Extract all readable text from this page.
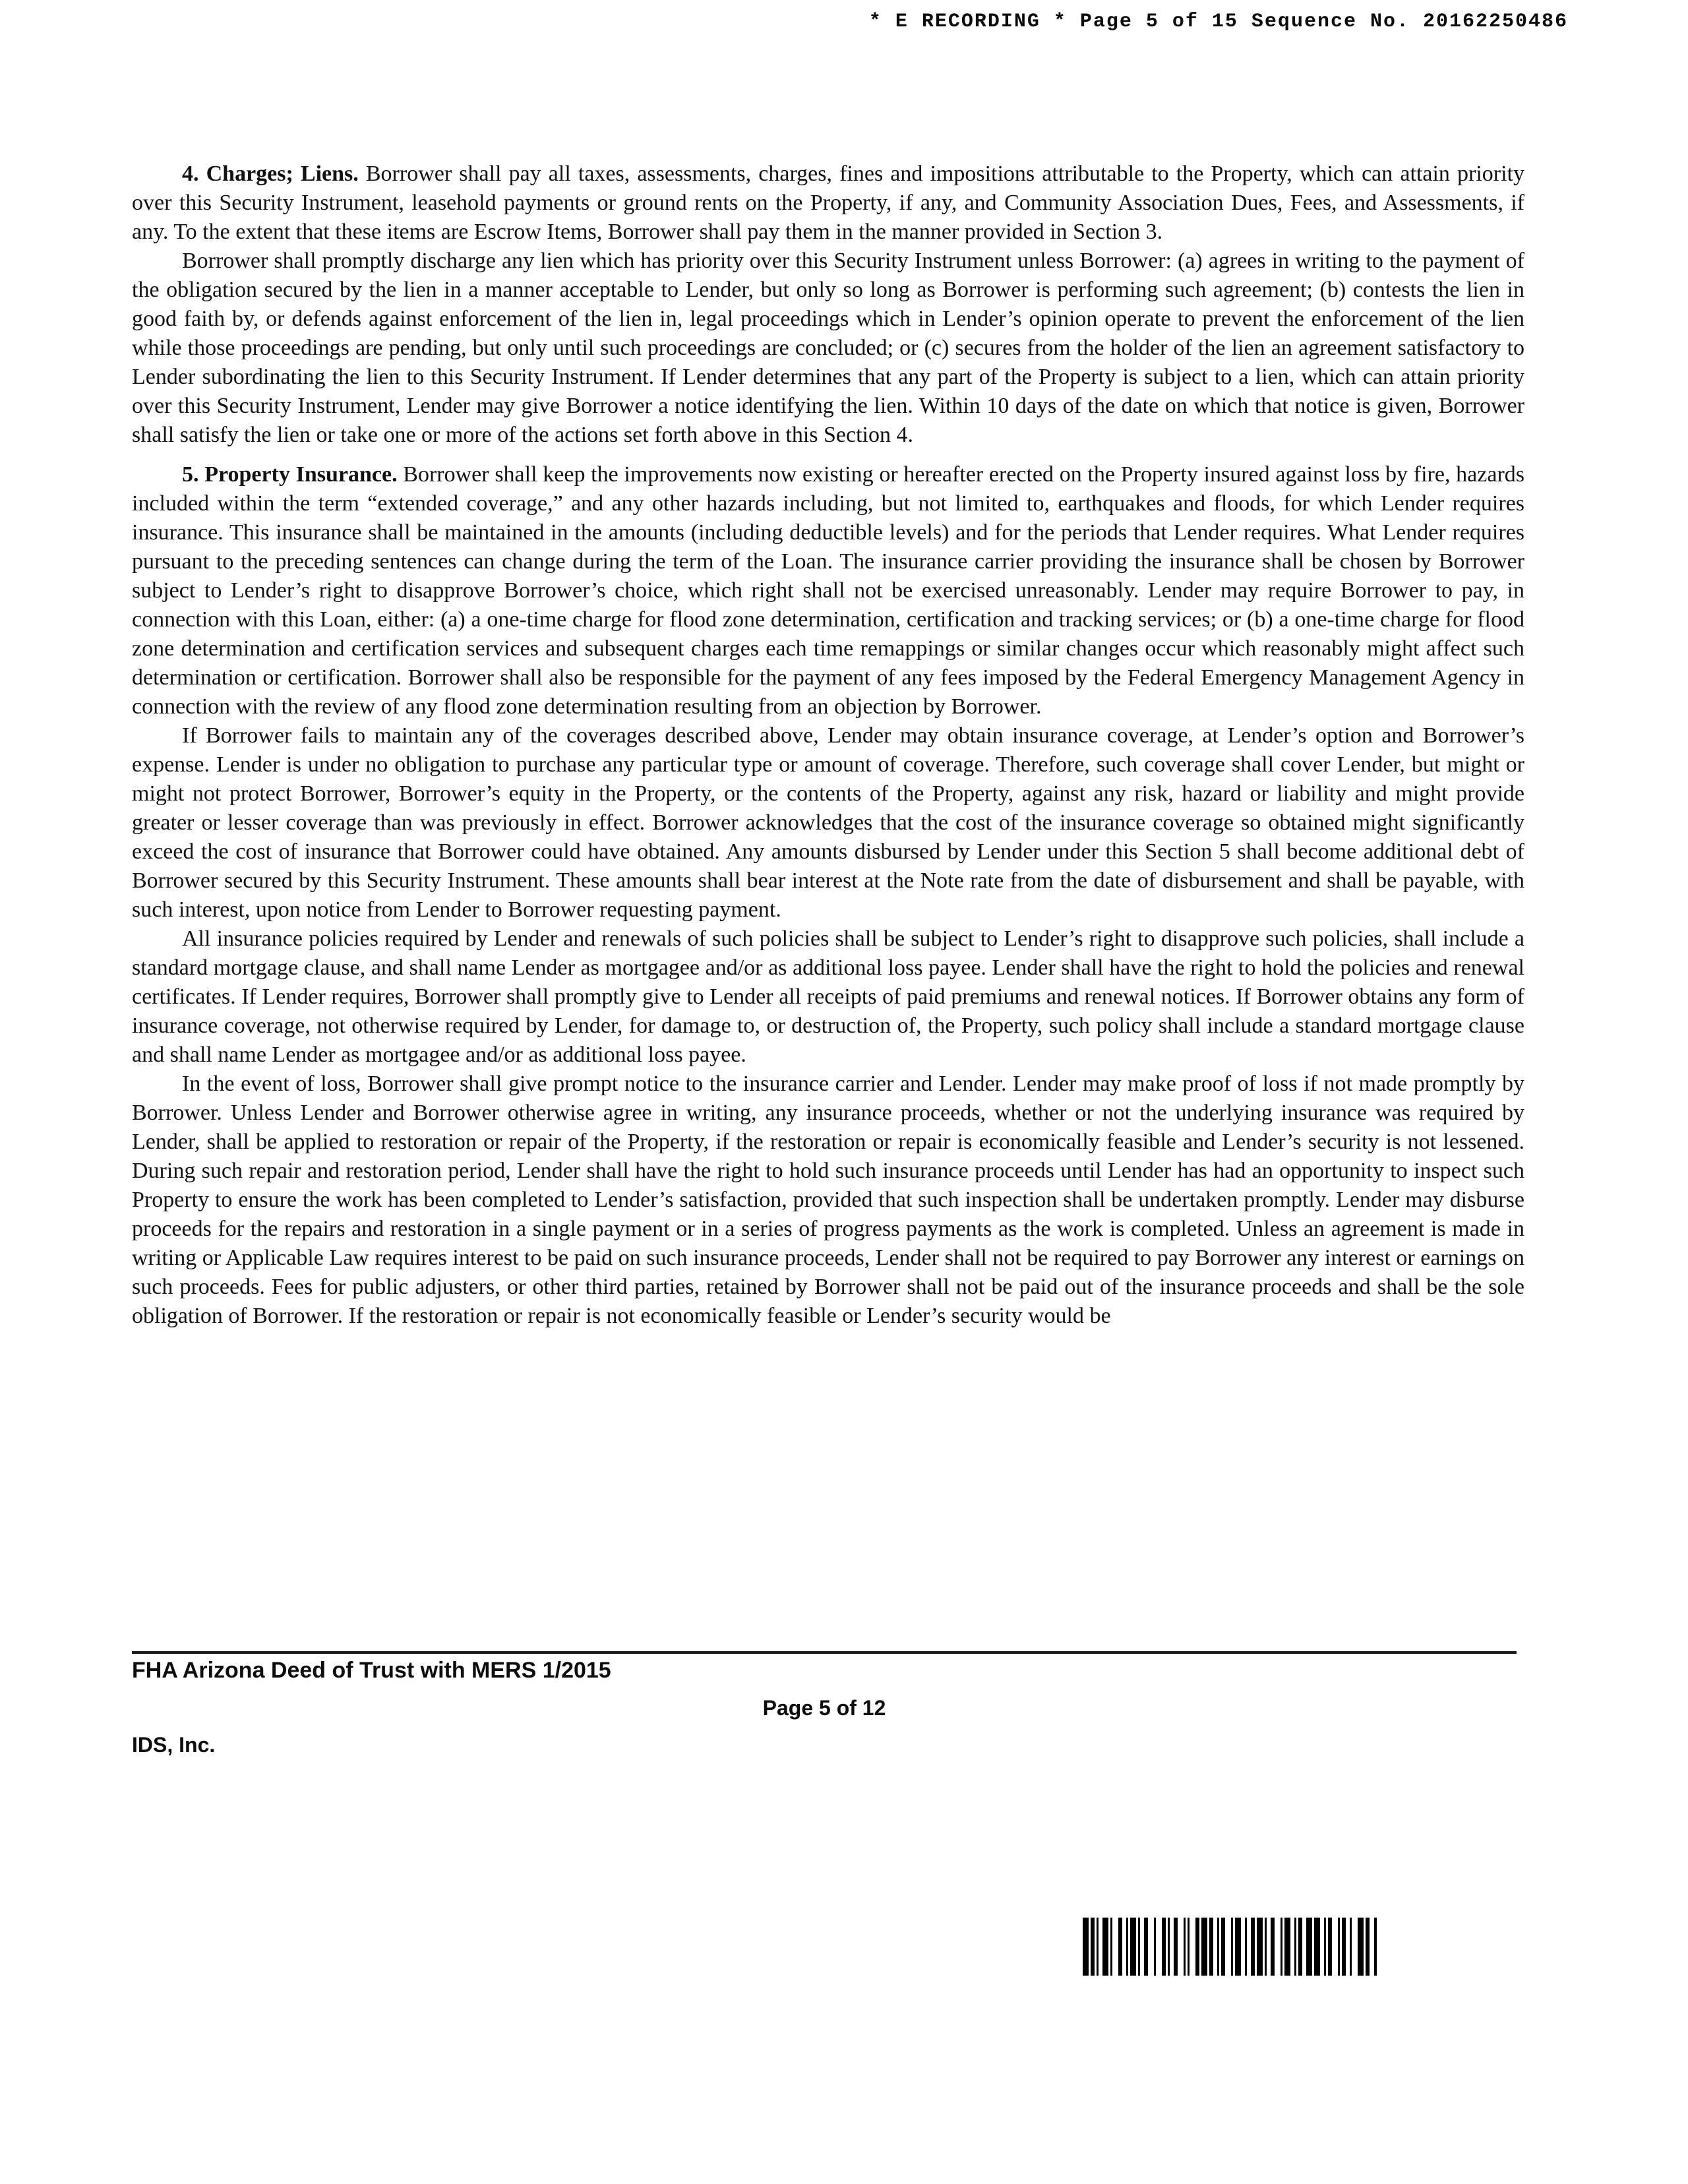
* E RECORDING * Page 5 of 15 Sequence No. 20162250486

4. Charges; Liens. Borrower shall pay all taxes, assessments, charges, fines and impositions attributable to the Property, which can attain priority over this Security Instrument, leasehold payments or ground rents on the Property, if any, and Community Association Dues, Fees, and Assessments, if any. To the extent that these items are Escrow Items, Borrower shall pay them in the manner provided in Section 3.

Borrower shall promptly discharge any lien which has priority over this Security Instrument unless Borrower: (a) agrees in writing to the payment of the obligation secured by the lien in a manner acceptable to Lender, but only so long as Borrower is performing such agreement; (b) contests the lien in good faith by, or defends against enforcement of the lien in, legal proceedings which in Lender’s opinion operate to prevent the enforcement of the lien while those proceedings are pending, but only until such proceedings are concluded; or (c) secures from the holder of the lien an agreement satisfactory to Lender subordinating the lien to this Security Instrument. If Lender determines that any part of the Property is subject to a lien, which can attain priority over this Security Instrument, Lender may give Borrower a notice identifying the lien. Within 10 days of the date on which that notice is given, Borrower shall satisfy the lien or take one or more of the actions set forth above in this Section 4.

5. Property Insurance. Borrower shall keep the improvements now existing or hereafter erected on the Property insured against loss by fire, hazards included within the term “extended coverage,” and any other hazards including, but not limited to, earthquakes and floods, for which Lender requires insurance. This insurance shall be maintained in the amounts (including deductible levels) and for the periods that Lender requires. What Lender requires pursuant to the preceding sentences can change during the term of the Loan. The insurance carrier providing the insurance shall be chosen by Borrower subject to Lender’s right to disapprove Borrower’s choice, which right shall not be exercised unreasonably. Lender may require Borrower to pay, in connection with this Loan, either: (a) a one-time charge for flood zone determination, certification and tracking services; or (b) a one-time charge for flood zone determination and certification services and subsequent charges each time remappings or similar changes occur which reasonably might affect such determination or certification. Borrower shall also be responsible for the payment of any fees imposed by the Federal Emergency Management Agency in connection with the review of any flood zone determination resulting from an objection by Borrower.

If Borrower fails to maintain any of the coverages described above, Lender may obtain insurance coverage, at Lender’s option and Borrower’s expense. Lender is under no obligation to purchase any particular type or amount of coverage. Therefore, such coverage shall cover Lender, but might or might not protect Borrower, Borrower’s equity in the Property, or the contents of the Property, against any risk, hazard or liability and might provide greater or lesser coverage than was previously in effect. Borrower acknowledges that the cost of the insurance coverage so obtained might significantly exceed the cost of insurance that Borrower could have obtained. Any amounts disbursed by Lender under this Section 5 shall become additional debt of Borrower secured by this Security Instrument. These amounts shall bear interest at the Note rate from the date of disbursement and shall be payable, with such interest, upon notice from Lender to Borrower requesting payment.

All insurance policies required by Lender and renewals of such policies shall be subject to Lender’s right to disapprove such policies, shall include a standard mortgage clause, and shall name Lender as mortgagee and/or as additional loss payee. Lender shall have the right to hold the policies and renewal certificates. If Lender requires, Borrower shall promptly give to Lender all receipts of paid premiums and renewal notices. If Borrower obtains any form of insurance coverage, not otherwise required by Lender, for damage to, or destruction of, the Property, such policy shall include a standard mortgage clause and shall name Lender as mortgagee and/or as additional loss payee.

In the event of loss, Borrower shall give prompt notice to the insurance carrier and Lender. Lender may make proof of loss if not made promptly by Borrower. Unless Lender and Borrower otherwise agree in writing, any insurance proceeds, whether or not the underlying insurance was required by Lender, shall be applied to restoration or repair of the Property, if the restoration or repair is economically feasible and Lender’s security is not lessened. During such repair and restoration period, Lender shall have the right to hold such insurance proceeds until Lender has had an opportunity to inspect such Property to ensure the work has been completed to Lender’s satisfaction, provided that such inspection shall be undertaken promptly. Lender may disburse proceeds for the repairs and restoration in a single payment or in a series of progress payments as the work is completed. Unless an agreement is made in writing or Applicable Law requires interest to be paid on such insurance proceeds, Lender shall not be required to pay Borrower any interest or earnings on such proceeds. Fees for public adjusters, or other third parties, retained by Borrower shall not be paid out of the insurance proceeds and shall be the sole obligation of Borrower. If the restoration or repair is not economically feasible or Lender’s security would be

FHA Arizona Deed of Trust with MERS 1/2015
Page 5 of 12
IDS, Inc.
